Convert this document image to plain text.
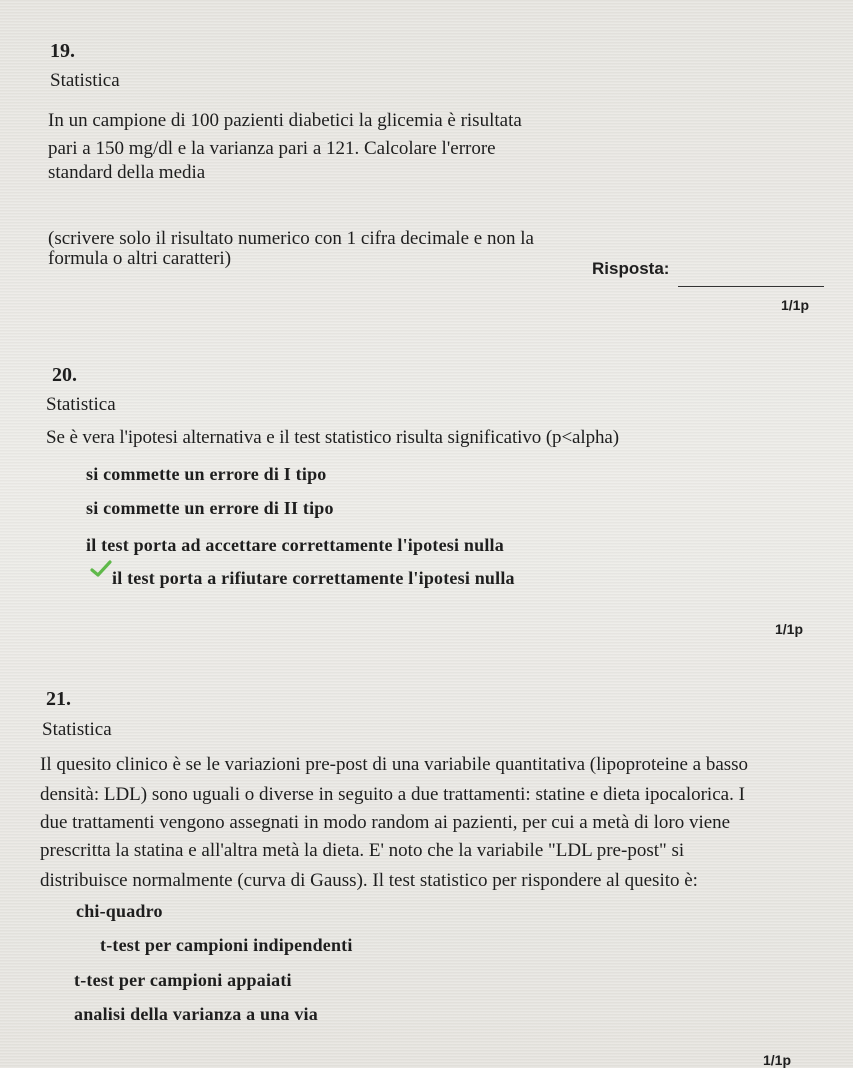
19.
Statistica
In un campione di 100 pazienti diabetici la glicemia è risultata
pari a 150 mg/dl e la varianza pari a 121. Calcolare l'errore
standard della media
(scrivere solo il risultato numerico con 1 cifra decimale e non la
formula o altri caratteri)	Risposta:
1/1p
20.
Statistica
Se è vera l'ipotesi alternativa e il test statistico risulta significativo (p<alpha)
si commette un errore di I tipo
si commette un errore di II tipo
il test porta ad accettare correttamente l'ipotesi nulla
il test porta a rifiutare correttamente l'ipotesi nulla
1/1p
21.
Statistica
Il quesito clinico è se le variazioni pre-post di una variabile quantitativa (lipoproteine a basso
densità: LDL) sono uguali o diverse in seguito a due trattamenti: statine e dieta ipocalorica. I
due trattamenti vengono assegnati in modo random ai pazienti, per cui a metà di loro viene
prescritta la statina e all'altra metà la dieta. E' noto che la variabile "LDL pre-post" si
distribuisce normalmente (curva di Gauss). Il test statistico per rispondere al quesito è:
chi-quadro
t-test per campioni indipendenti
t-test per campioni appaiati
analisi della varianza a una via
1/1p
